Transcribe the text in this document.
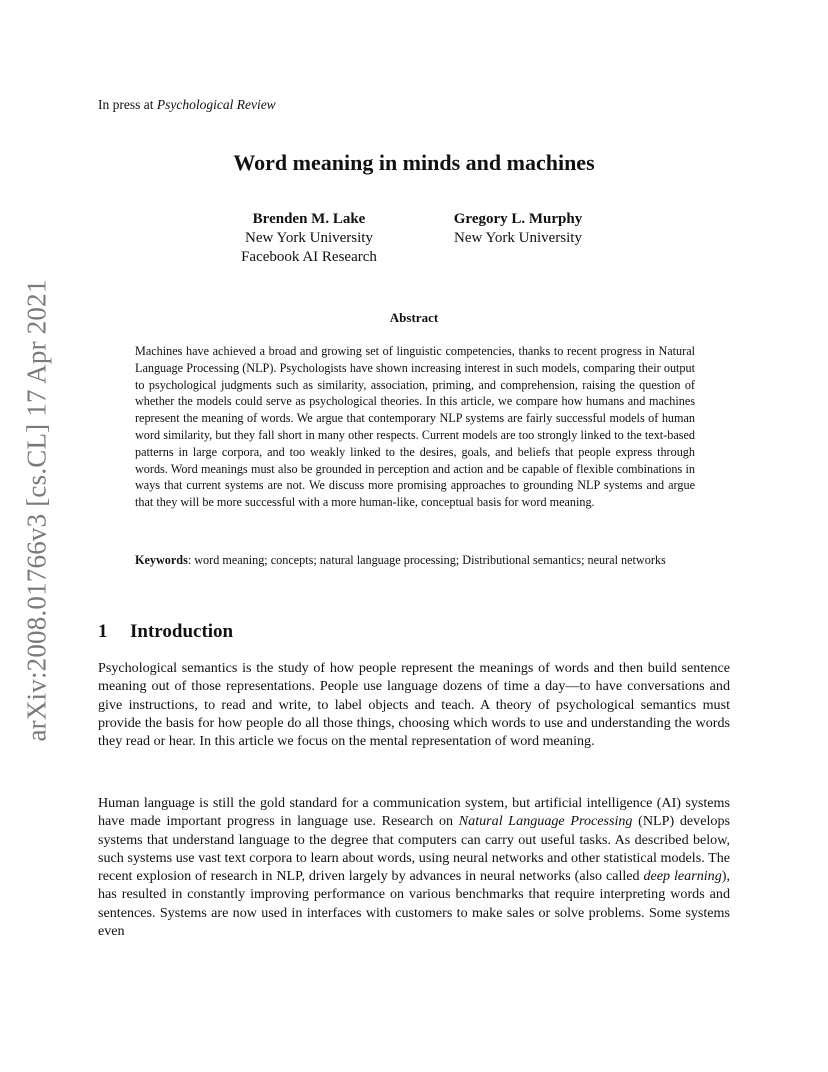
arXiv:2008.01766v3 [cs.CL] 17 Apr 2021
In press at Psychological Review
Word meaning in minds and machines
Brenden M. Lake
New York University
Facebook AI Research
Gregory L. Murphy
New York University
Abstract

Machines have achieved a broad and growing set of linguistic competencies, thanks to recent progress in Natural Language Processing (NLP). Psychologists have shown increasing interest in such models, comparing their output to psychological judgments such as similarity, association, priming, and comprehension, raising the question of whether the models could serve as psychological theories. In this article, we compare how humans and machines represent the meaning of words. We argue that contemporary NLP systems are fairly successful models of human word similarity, but they fall short in many other respects. Current models are too strongly linked to the text-based patterns in large corpora, and too weakly linked to the desires, goals, and beliefs that people express through words. Word meanings must also be grounded in perception and action and be capable of flexible combinations in ways that current systems are not. We discuss more promising approaches to grounding NLP systems and argue that they will be more successful with a more human-like, conceptual basis for word meaning.

Keywords: word meaning; concepts; natural language processing; Distributional semantics; neural networks

1 Introduction

Psychological semantics is the study of how people represent the meanings of words and then build sentence meaning out of those representations. People use language dozens of time a day—to have conversations and give instructions, to read and write, to label objects and teach. A theory of psychological semantics must provide the basis for how people do all those things, choosing which words to use and understanding the words they read or hear. In this article we focus on the mental representation of word meaning.

Human language is still the gold standard for a communication system, but artificial intelligence (AI) systems have made important progress in language use. Research on Natural Language Processing (NLP) develops systems that understand language to the degree that computers can carry out useful tasks. As described below, such systems use vast text corpora to learn about words, using neural networks and other statistical models. The recent explosion of research in NLP, driven largely by advances in neural networks (also called deep learning), has resulted in constantly improving performance on various benchmarks that require interpreting words and sentences. Systems are now used in interfaces with customers to make sales or solve problems. Some systems even
